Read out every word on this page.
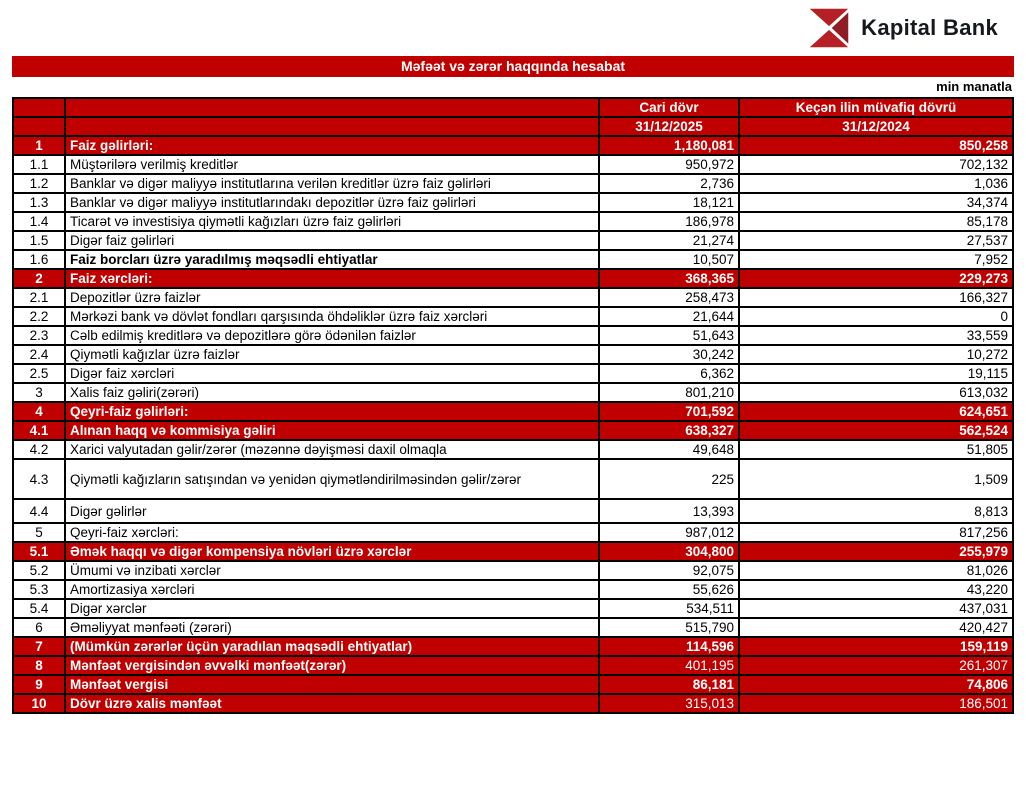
Kapital Bank
Məfəət və zərər haqqında hesabat
min manatla
		Cari dövr	Keçən ilin müvafiq dövrü
		31/12/2025	31/12/2024
1	Faiz gəlirləri:	1,180,081	850,258
1.1	Müştərilərə verilmiş kreditlər	950,972	702,132
1.2	Banklar və digər maliyyə institutlarına verilən kreditlər üzrə faiz gəlirləri	2,736	1,036
1.3	Banklar və digər maliyyə institutlarındakı depozitlər üzrə faiz gəlirləri	18,121	34,374
1.4	Ticarət və investisiya qiymətli kağızları üzrə faiz gəlirləri	186,978	85,178
1.5	Digər faiz gəlirləri	21,274	27,537
1.6	Faiz borcları üzrə yaradılmış məqsədli ehtiyatlar	10,507	7,952
2	Faiz xərcləri:	368,365	229,273
2.1	Depozitlər üzrə faizlər	258,473	166,327
2.2	Mərkəzi bank və dövlət fondları qarşısında öhdəliklər üzrə faiz xərcləri	21,644	0
2.3	Cəlb edilmiş kreditlərə və depozitlərə görə ödənilən faizlər	51,643	33,559
2.4	Qiymətli kağızlar üzrə faizlər	30,242	10,272
2.5	Digər faiz xərcləri	6,362	19,115
3	Xalis faiz gəliri(zərəri)	801,210	613,032
4	Qeyri-faiz gəlirləri:	701,592	624,651
4.1	Alınan haqq və kommisiya gəliri	638,327	562,524
4.2	Xarici valyutadan gəlir/zərər (məzənnə dəyişməsi daxil olmaqla	49,648	51,805
4.3	Qiymətli kağızların satışından və yenidən qiymətləndirilməsindən gəlir/zərər	225	1,509
4.4	Digər gəlirlər	13,393	8,813
5	Qeyri-faiz xərcləri:	987,012	817,256
5.1	Əmək haqqı və digər kompensiya növləri üzrə xərclər	304,800	255,979
5.2	Ümumi və inzibati xərclər	92,075	81,026
5.3	Amortizasiya xərcləri	55,626	43,220
5.4	Digər xərclər	534,511	437,031
6	Əməliyyat mənfəəti (zərəri)	515,790	420,427
7	(Mümkün zərərlər üçün yaradılan məqsədli ehtiyatlar)	114,596	159,119
8	Mənfəət vergisindən əvvəlki mənfəət(zərər)	401,195	261,307
9	Mənfəət vergisi	86,181	74,806
10	Dövr üzrə xalis mənfəət	315,013	186,501
